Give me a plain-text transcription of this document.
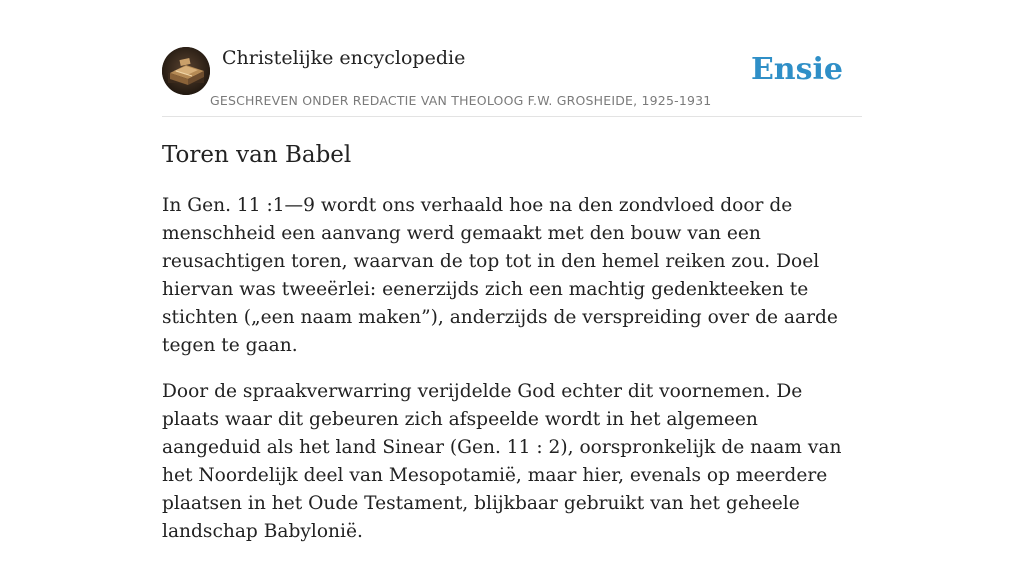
Christelijke encyclopedie
GESCHREVEN ONDER REDACTIE VAN THEOLOOG F.W. GROSHEIDE, 1925-1931
Ensie
Toren van Babel

In Gen. 11 :1—9 wordt ons verhaald hoe na den zondvloed door de menschheid een aanvang werd gemaakt met den bouw van een reusachtigen toren, waarvan de top tot in den hemel reiken zou. Doel hiervan was tweeërlei: eenerzijds zich een machtig gedenkteeken te stichten („een naam maken”), anderzijds de verspreiding over de aarde tegen te gaan.

Door de spraakverwarring verijdelde God echter dit voornemen. De plaats waar dit gebeuren zich afspeelde wordt in het algemeen aangeduid als het land Sinear (Gen. 11 : 2), oorspronkelijk de naam van het Noordelijk deel van Mesopotamië, maar hier, evenals op meerdere plaatsen in het Oude Testament, blijkbaar gebruikt van het geheele landschap Babylonië.
